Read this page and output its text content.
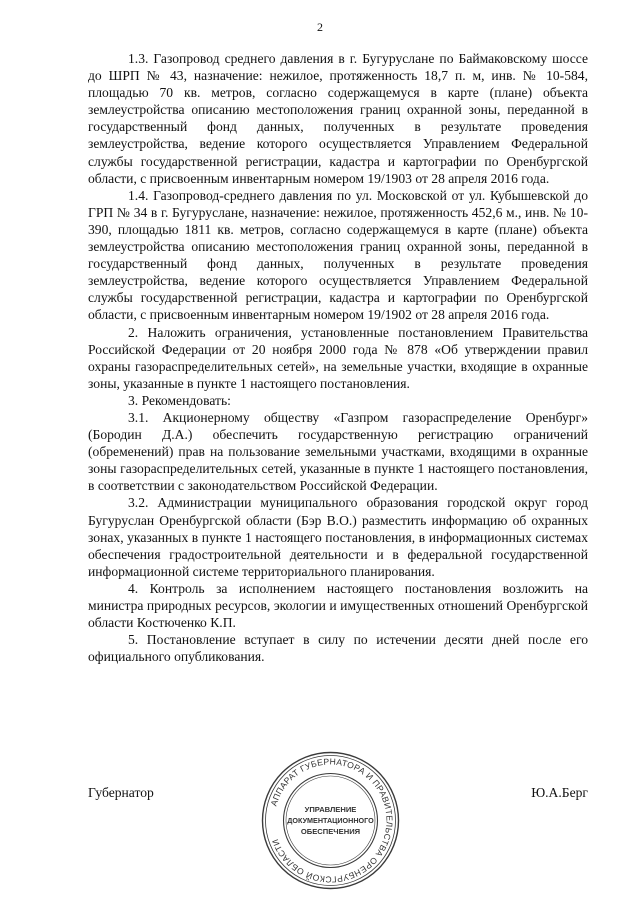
2

1.3. Газопровод среднего давления в г. Бугуруслане по Баймаковскому шоссе до ШРП № 43, назначение: нежилое, протяженность 18,7 п. м, инв. № 10-584, площадью 70 кв. метров, согласно содержащемуся в карте (плане) объекта землеустройства описанию местоположения границ охранной зоны, переданной в государственный фонд данных, полученных в результате проведения землеустройства, ведение которого осуществляется Управлением Федеральной службы государственной регистрации, кадастра и картографии по Оренбургской области, с присвоенным инвентарным номером 19/1903 от 28 апреля 2016 года.

1.4. Газопровод-среднего давления по ул. Московской от ул. Кубышевской до ГРП № 34 в г. Бугуруслане, назначение: нежилое, протяженность 452,6 м., инв. № 10-390, площадью 1811 кв. метров, согласно содержащемуся в карте (плане) объекта землеустройства описанию местоположения границ охранной зоны, переданной в государственный фонд данных, полученных в результате проведения землеустройства, ведение которого осуществляется Управлением Федеральной службы государственной регистрации, кадастра и картографии по Оренбургской области, с присвоенным инвентарным номером 19/1902 от 28 апреля 2016 года.

2. Наложить ограничения, установленные постановлением Правительства Российской Федерации от 20 ноября 2000 года № 878 «Об утверждении правил охраны газораспределительных сетей», на земельные участки, входящие в охранные зоны, указанные в пункте 1 настоящего постановления.

3. Рекомендовать:

3.1. Акционерному обществу «Газпром газораспределение Оренбург» (Бородин Д.А.) обеспечить государственную регистрацию ограничений (обременений) прав на пользование земельными участками, входящими в охранные зоны газораспределительных сетей, указанные в пункте 1 настоящего постановления, в соответствии с законодательством Российской Федерации.

3.2. Администрации муниципального образования городской округ город Бугуруслан Оренбургской области (Бэр В.О.) разместить информацию об охранных зонах, указанных в пункте 1 настоящего постановления, в информационных системах обеспечения градостроительной деятельности и в федеральной государственной информационной системе территориального планирования.

4. Контроль за исполнением настоящего постановления возложить на министра природных ресурсов, экологии и имущественных отношений Оренбургской области Костюченко К.П.

5. Постановление вступает в силу по истечении десяти дней после его официального опубликования.

Губернатор	Ю.А.Берг
АППАРАТ ГУБЕРНАТОРА И ПРАВИТЕЛЬСТВА ОРЕНБУРГСКОЙ ОБЛАСТИ
УПРАВЛЕНИЕ
ДОКУМЕНТАЦИОННОГО
ОБЕСПЕЧЕНИЯ
